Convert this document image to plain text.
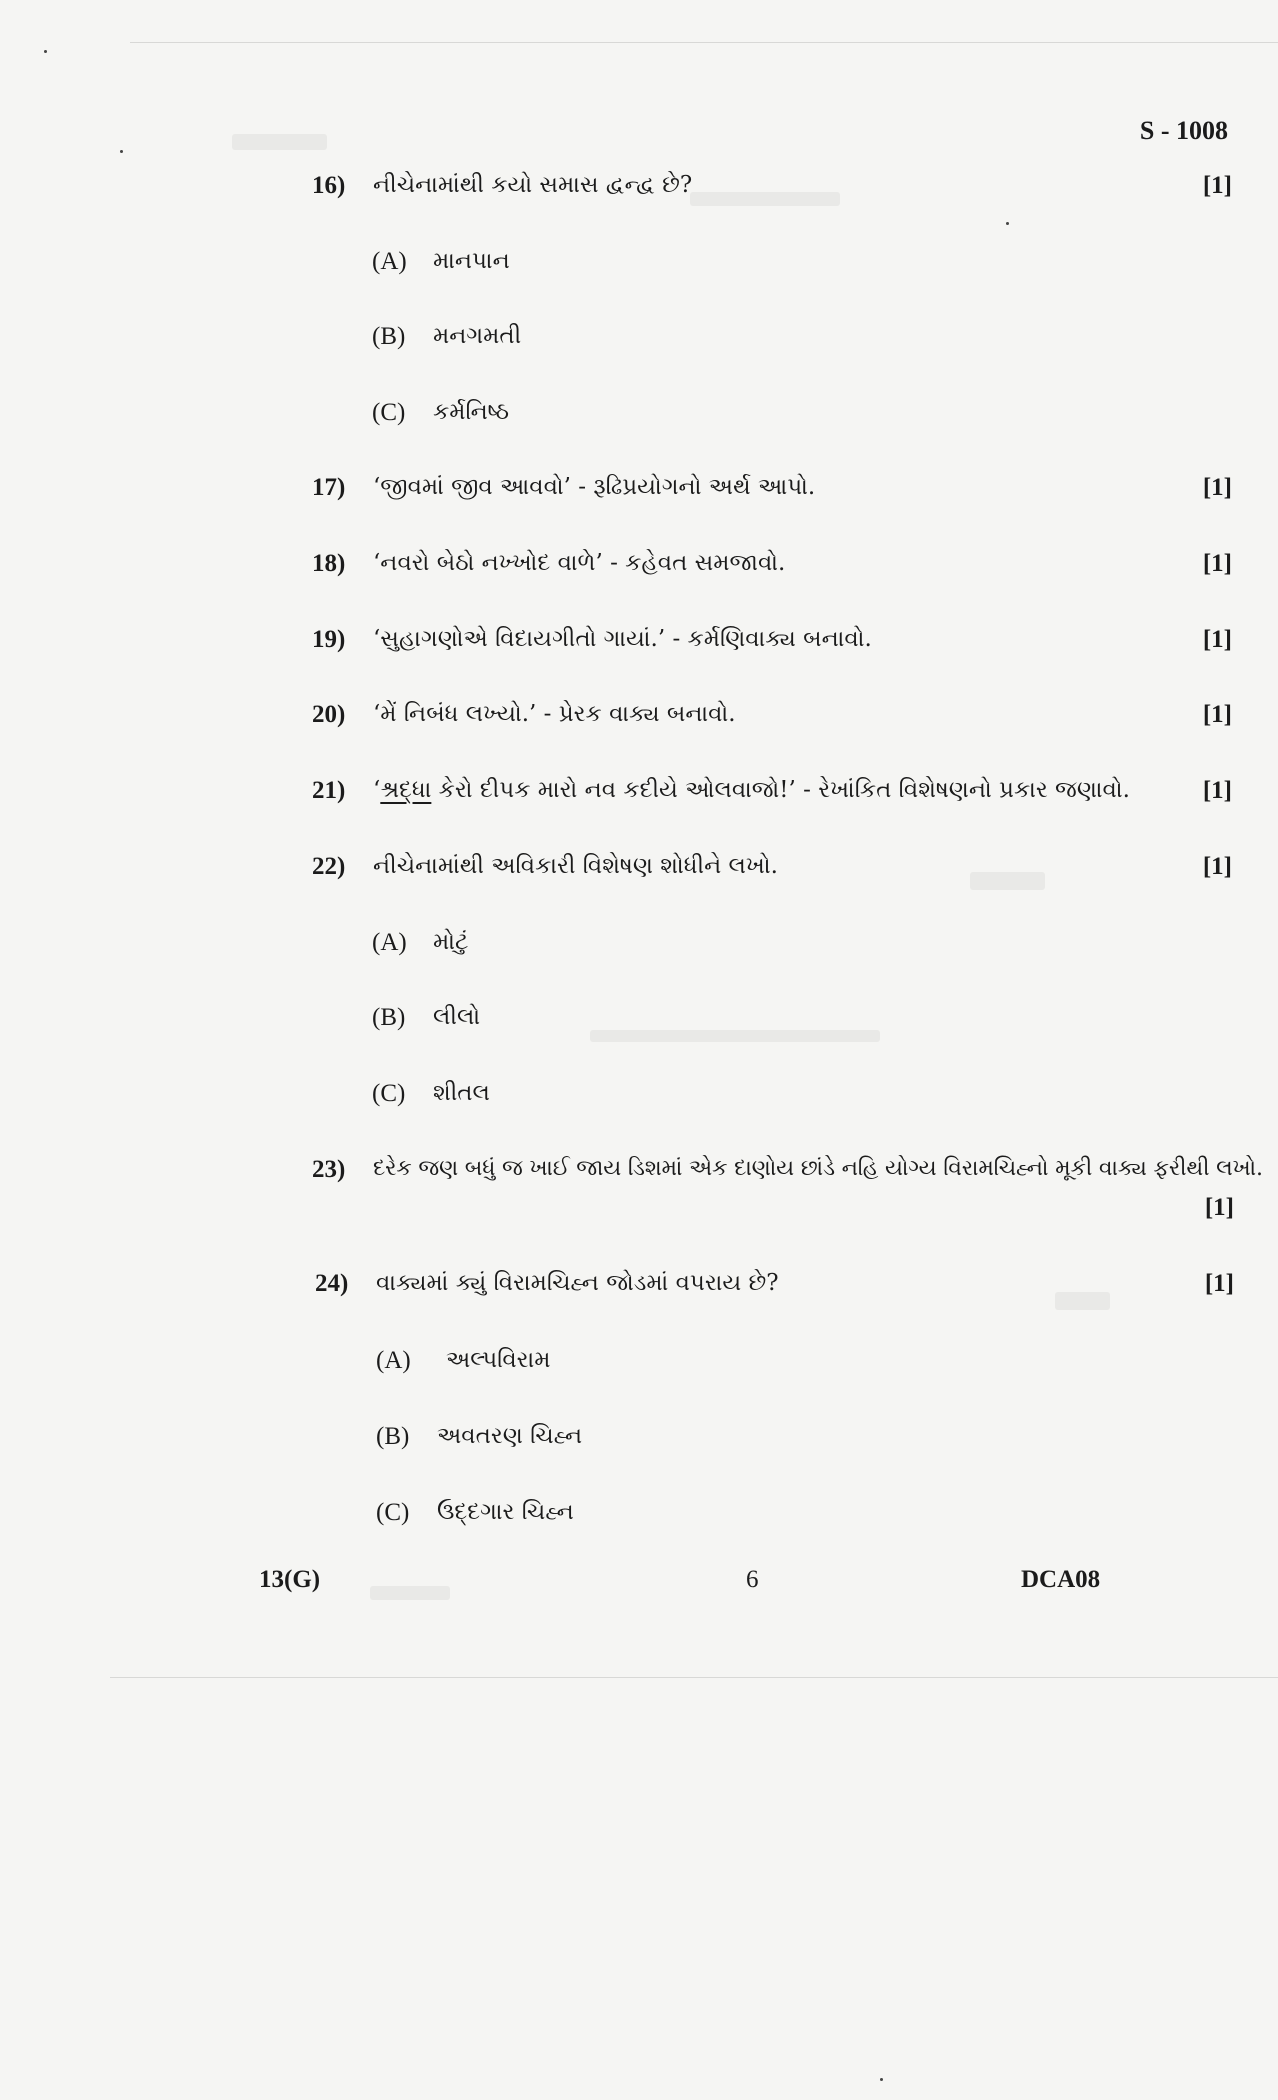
S - 1008
16) નીચેનામાંથી કયો સમાસ દ્વન્દ્વ છે?	[1]
(A) માનપાન
(B) મનગમતી
(C) કર્મનિષ્ઠ
17) ‘જીવમાં જીવ આવવો’ - રૂઢિપ્રયોગનો અર્થ આપો.	[1]
18) ‘નવરો બેઠો નખ્ખોદ વાળે’ - કહેવત સમજાવો.	[1]
19) ‘સુહાગણોએ વિદાયગીતો ગાયાં.’ - કર્મણિવાક્ય બનાવો.	[1]
20) ‘મેં નિબંધ લખ્યો.’ - પ્રેરક વાક્ય બનાવો.	[1]
21) ‘શ્રદ્ધા કેરો દીપક મારો નવ કદીયે ઓલવાજો!’ - રેખાંકિત વિશેષણનો પ્રકાર જણાવો.	[1]
22) નીચેનામાંથી અવિકારી વિશેષણ શોધીને લખો.	[1]
(A) મોટું
(B) લીલો
(C) શીતલ
23) દરેક જણ બધું જ ખાઈ જાય ડિશમાં એક દાણોય છાંડે નહિ યોગ્ય વિરામચિહ્નો મૂકી વાક્ય ફરીથી લખો.
[1]
24) વાક્યમાં ક્યું વિરામચિહ્ન જોડમાં વપરાય છે?	[1]
(A) અલ્પવિરામ
(B) અવતરણ ચિહ્ન
(C) ઉદ્દગાર ચિહ્ન
13(G)	6	DCA08
